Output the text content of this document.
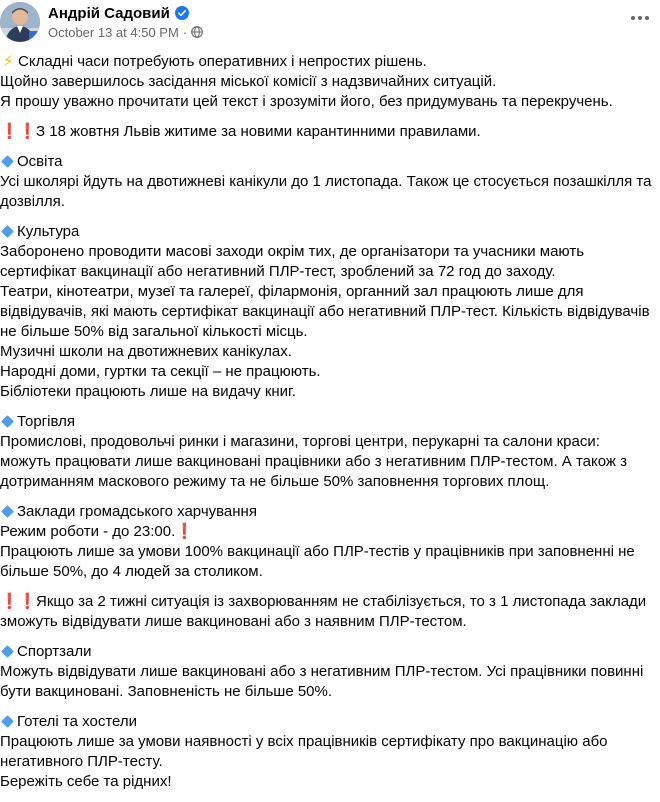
Андрій Садовий
October 13 at 4:50 PM ·

⚡ Складні часи потребують оперативних і непростих рішень.
Щойно завершилось засідання міської комісії з надзвичайних ситуацій.
Я прошу уважно прочитати цей текст і зрозуміти його, без придумувань та перекручень.

❗❗З 18 жовтня Львів житиме за новими карантинними правилами.

Освіта
Усі школярі йдуть на двотижневі канікули до 1 листопада. Також це стосується позашкілля та
дозвілля.

Культура
Заборонено проводити масові заходи окрім тих, де організатори та учасники мають
сертифікат вакцинації або негативний ПЛР-тест, зроблений за 72 год до заходу.
Театри, кінотеатри, музеї та галереї, філармонія, органний зал працюють лише для
відвідувачів, які мають сертифікат вакцинації або негативний ПЛР-тест. Кількість відвідувачів
не більше 50% від загальної кількості місць.
Музичні школи на двотижневих канікулах.
Народні доми, гуртки та секції – не працюють.
Бібліотеки працюють лише на видачу книг.

Торгівля
Промислові, продовольчі ринки і магазини, торгові центри, перукарні та салони краси:
можуть працювати лише вакциновані працівники або з негативним ПЛР-тестом. А також з
дотриманням маскового режиму та не більше 50% заповнення торгових площ.

Заклади громадського харчування
Режим роботи - до 23:00.❗
Працюють лише за умови 100% вакцинації або ПЛР-тестів у працівників при заповненні не
більше 50%, до 4 людей за столиком.

❗❗Якщо за 2 тижні ситуація із захворюванням не стабілізується, то з 1 листопада заклади
зможуть відвідувати лише вакциновані або з наявним ПЛР-тестом.

Спортзали
Можуть відвідувати лише вакциновані або з негативним ПЛР-тестом. Усі працівники повинні
бути вакциновані. Заповненість не більше 50%.

Готелі та хостели
Працюють лише за умови наявності у всіх працівників сертифікату про вакцинацію або
негативного ПЛР-тесту.
Бережіть себе та рідних!
